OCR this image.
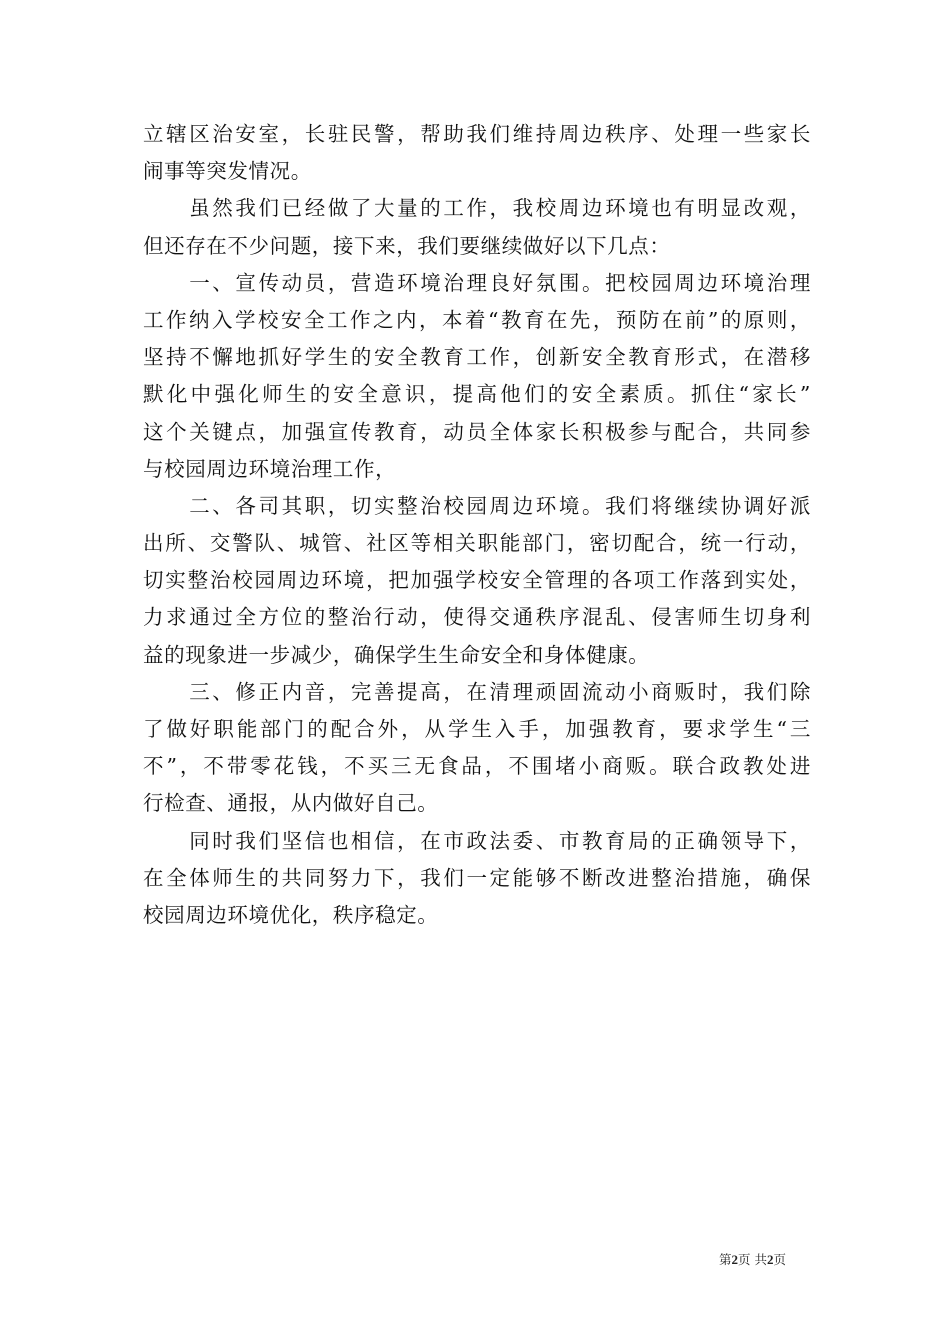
立辖区治安室，长驻民警，帮助我们维持周边秩序、处理一些家长
闹事等突发情况。
　　虽然我们已经做了大量的工作，我校周边环境也有明显改观，
但还存在不少问题，接下来，我们要继续做好以下几点：
　　一、宣传动员，营造环境治理良好氛围。把校园周边环境治理
工作纳入学校安全工作之内，本着“教育在先，预防在前”的原则，
坚持不懈地抓好学生的安全教育工作，创新安全教育形式，在潜移
默化中强化师生的安全意识，提高他们的安全素质。抓住“家长”
这个关键点，加强宣传教育，动员全体家长积极参与配合，共同参
与校园周边环境治理工作，
　　二、各司其职，切实整治校园周边环境。我们将继续协调好派
出所、交警队、城管、社区等相关职能部门，密切配合，统一行动，
切实整治校园周边环境，把加强学校安全管理的各项工作落到实处，
力求通过全方位的整治行动，使得交通秩序混乱、侵害师生切身利
益的现象进一步减少，确保学生生命安全和身体健康。
　　三、修正内音，完善提高，在清理顽固流动小商贩时，我们除
了做好职能部门的配合外，从学生入手，加强教育，要求学生“三
不”，不带零花钱，不买三无食品，不围堵小商贩。联合政教处进
行检查、通报，从内做好自己。
　　同时我们坚信也相信，在市政法委、市教育局的正确领导下，
在全体师生的共同努力下，我们一定能够不断改进整治措施，确保
校园周边环境优化，秩序稳定。
第2页 共2页
